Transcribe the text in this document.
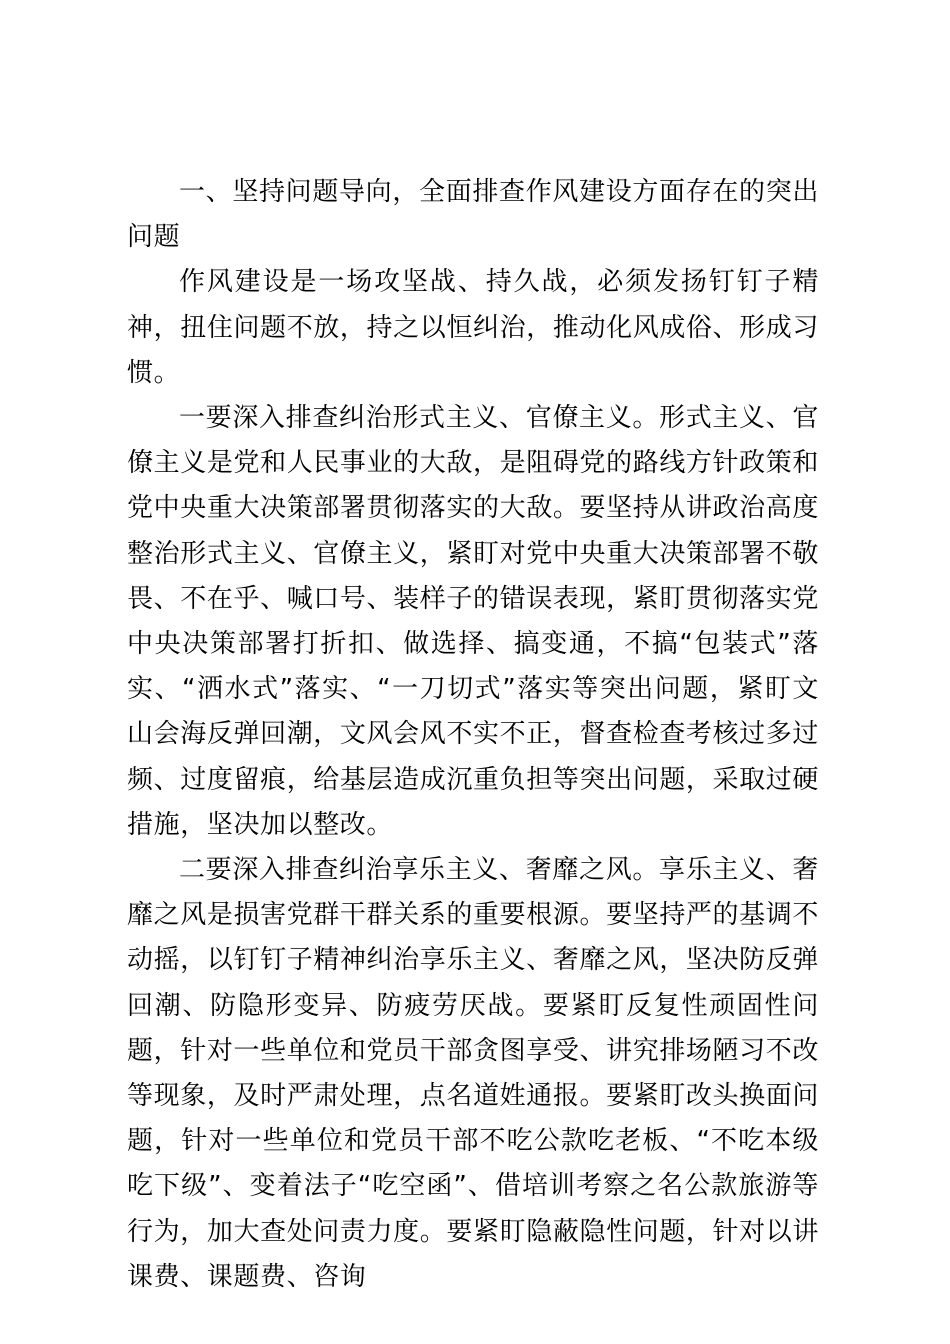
一、坚持问题导向，全面排查作风建设方面存在的突出问题

作风建设是一场攻坚战、持久战，必须发扬钉钉子精神，扭住问题不放，持之以恒纠治，推动化风成俗、形成习惯。

一要深入排查纠治形式主义、官僚主义。形式主义、官僚主义是党和人民事业的大敌，是阻碍党的路线方针政策和党中央重大决策部署贯彻落实的大敌。要坚持从讲政治高度整治形式主义、官僚主义，紧盯对党中央重大决策部署不敬畏、不在乎、喊口号、装样子的错误表现，紧盯贯彻落实党中央决策部署打折扣、做选择、搞变通，不搞“包装式”落实、“洒水式”落实、“一刀切式”落实等突出问题，紧盯文山会海反弹回潮，文风会风不实不正，督查检查考核过多过频、过度留痕，给基层造成沉重负担等突出问题，采取过硬措施，坚决加以整改。

二要深入排查纠治享乐主义、奢靡之风。享乐主义、奢靡之风是损害党群干群关系的重要根源。要坚持严的基调不动摇，以钉钉子精神纠治享乐主义、奢靡之风，坚决防反弹回潮、防隐形变异、防疲劳厌战。要紧盯反复性顽固性问题，针对一些单位和党员干部贪图享受、讲究排场陋习不改等现象，及时严肃处理，点名道姓通报。要紧盯改头换面问题，针对一些单位和党员干部不吃公款吃老板、“不吃本级吃下级”、变着法子“吃空函”、借培训考察之名公款旅游等行为，加大查处问责力度。要紧盯隐蔽隐性问题，针对以讲课费、课题费、咨询
